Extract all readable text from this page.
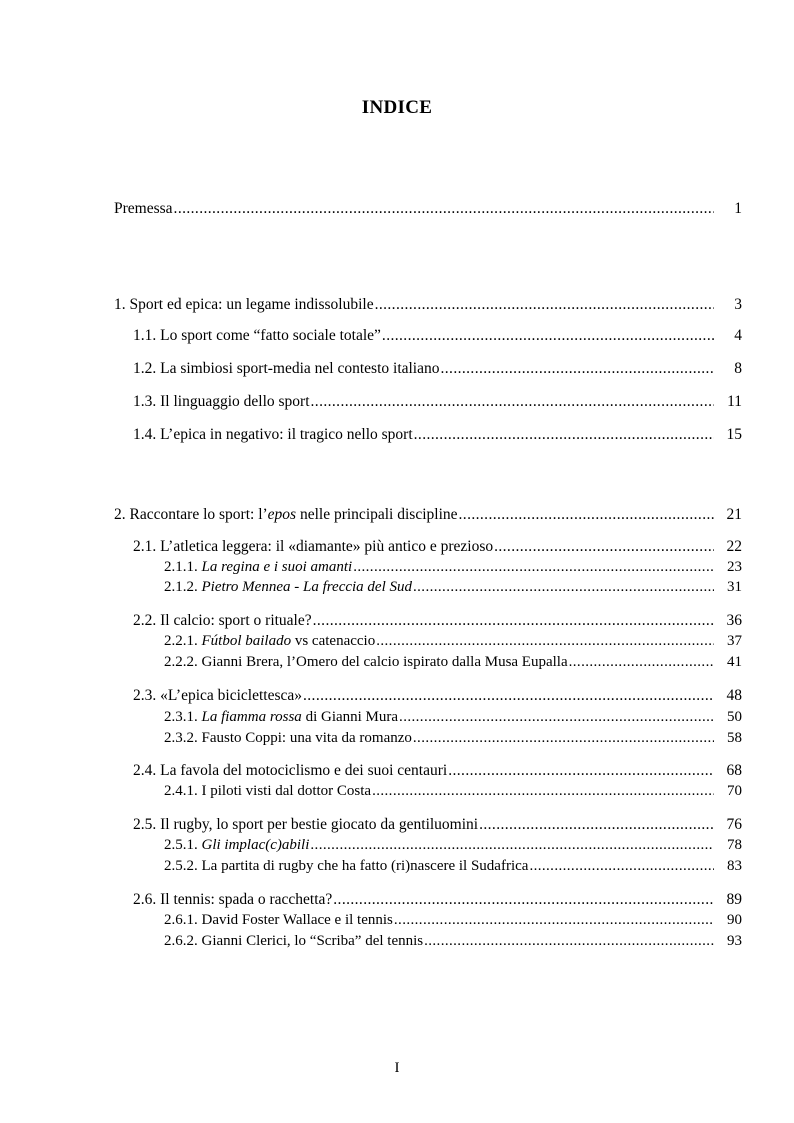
INDICE
Premessa .....	1
1. Sport ed epica: un legame indissolubile .....	3
1.1. Lo sport come “fatto sociale totale” .....	4
1.2. La simbiosi sport-media nel contesto italiano .....	8
1.3. Il linguaggio dello sport .....	11
1.4. L’epica in negativo: il tragico nello sport .....	15
2. Raccontare lo sport: l’epos nelle principali discipline .....	21
2.1. L’atletica leggera: il «diamante» più antico e prezioso .....	22
2.1.1. La regina e i suoi amanti .....	23
2.1.2. Pietro Mennea - La freccia del Sud .....	31
2.2. Il calcio: sport o rituale? .....	36
2.2.1. Fútbol bailado vs catenaccio .....	37
2.2.2. Gianni Brera, l’Omero del calcio ispirato dalla Musa Eupalla .....	41
2.3. «L’epica biciclettesca» .....	48
2.3.1. La fiamma rossa di Gianni Mura .....	50
2.3.2. Fausto Coppi: una vita da romanzo .....	58
2.4. La favola del motociclismo e dei suoi centauri .....	68
2.4.1. I piloti visti dal dottor Costa .....	70
2.5. Il rugby, lo sport per bestie giocato da gentiluomini .....	76
2.5.1. Gli implac(c)abili .....	78
2.5.2. La partita di rugby che ha fatto (ri)nascere il Sudafrica .....	83
2.6. Il tennis: spada o racchetta? .....	89
2.6.1. David Foster Wallace e il tennis .....	90
2.6.2. Gianni Clerici, lo “Scriba” del tennis .....	93
I
